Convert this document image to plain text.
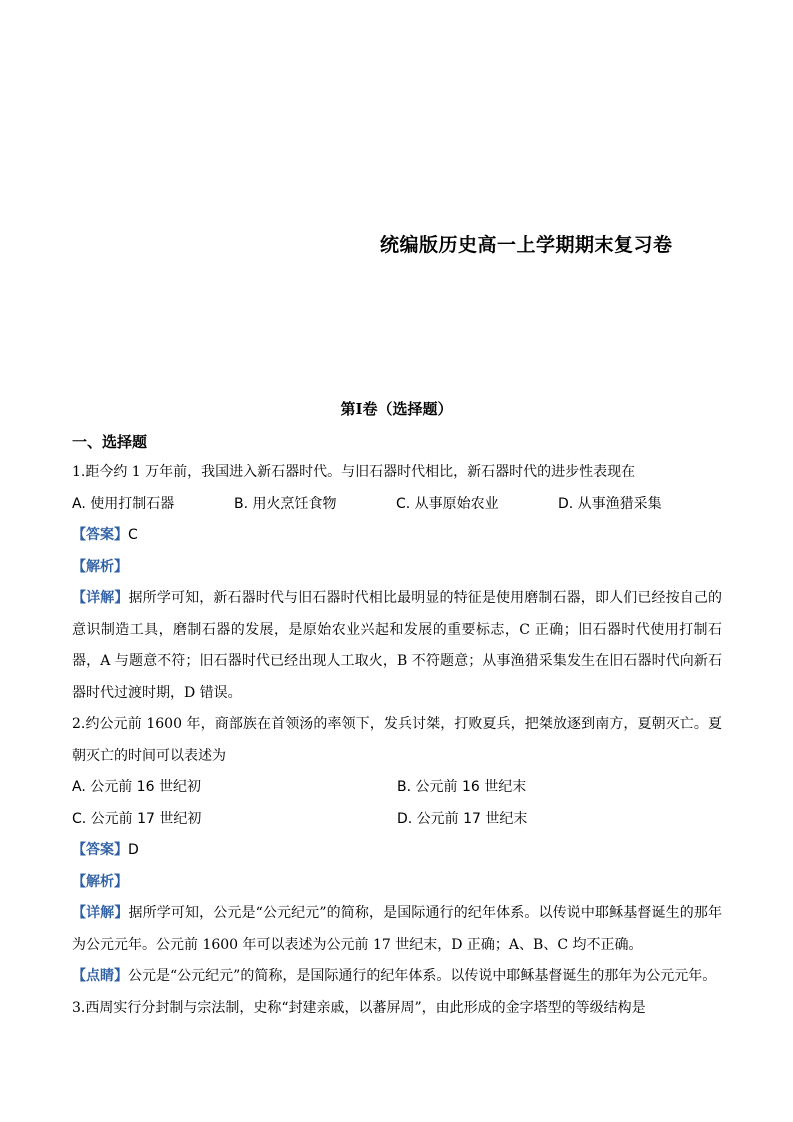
统编版历史高一上学期期末复习卷
第Ⅰ卷（选择题）
一、选择题
1.距今约 1 万年前，我国进入新石器时代。与旧石器时代相比，新石器时代的进步性表现在
A. 使用打制石器	B. 用火烹饪食物	C. 从事原始农业	D. 从事渔猎采集
【答案】C
【解析】
【详解】据所学可知，新石器时代与旧石器时代相比最明显的特征是使用磨制石器，即人们已经按自己的意识制造工具，磨制石器的发展，是原始农业兴起和发展的重要标志，C 正确；旧石器时代使用打制石器，A 与题意不符；旧石器时代已经出现人工取火，B 不符题意；从事渔猎采集发生在旧石器时代向新石器时代过渡时期，D 错误。
2.约公元前 1600 年，商部族在首领汤的率领下，发兵讨桀，打败夏兵，把桀放逐到南方，夏朝灭亡。夏朝灭亡的时间可以表述为
A. 公元前 16 世纪初	B. 公元前 16 世纪末
C. 公元前 17 世纪初	D. 公元前 17 世纪末
【答案】D
【解析】
【详解】据所学可知，公元是“公元纪元”的简称，是国际通行的纪年体系。以传说中耶稣基督诞生的那年为公元元年。公元前 1600 年可以表述为公元前 17 世纪末，D 正确；A、B、C 均不正确。
【点睛】公元是“公元纪元”的简称，是国际通行的纪年体系。以传说中耶稣基督诞生的那年为公元元年。
3.西周实行分封制与宗法制，史称“封建亲戚，以蕃屏周”，由此形成的金字塔型的等级结构是
